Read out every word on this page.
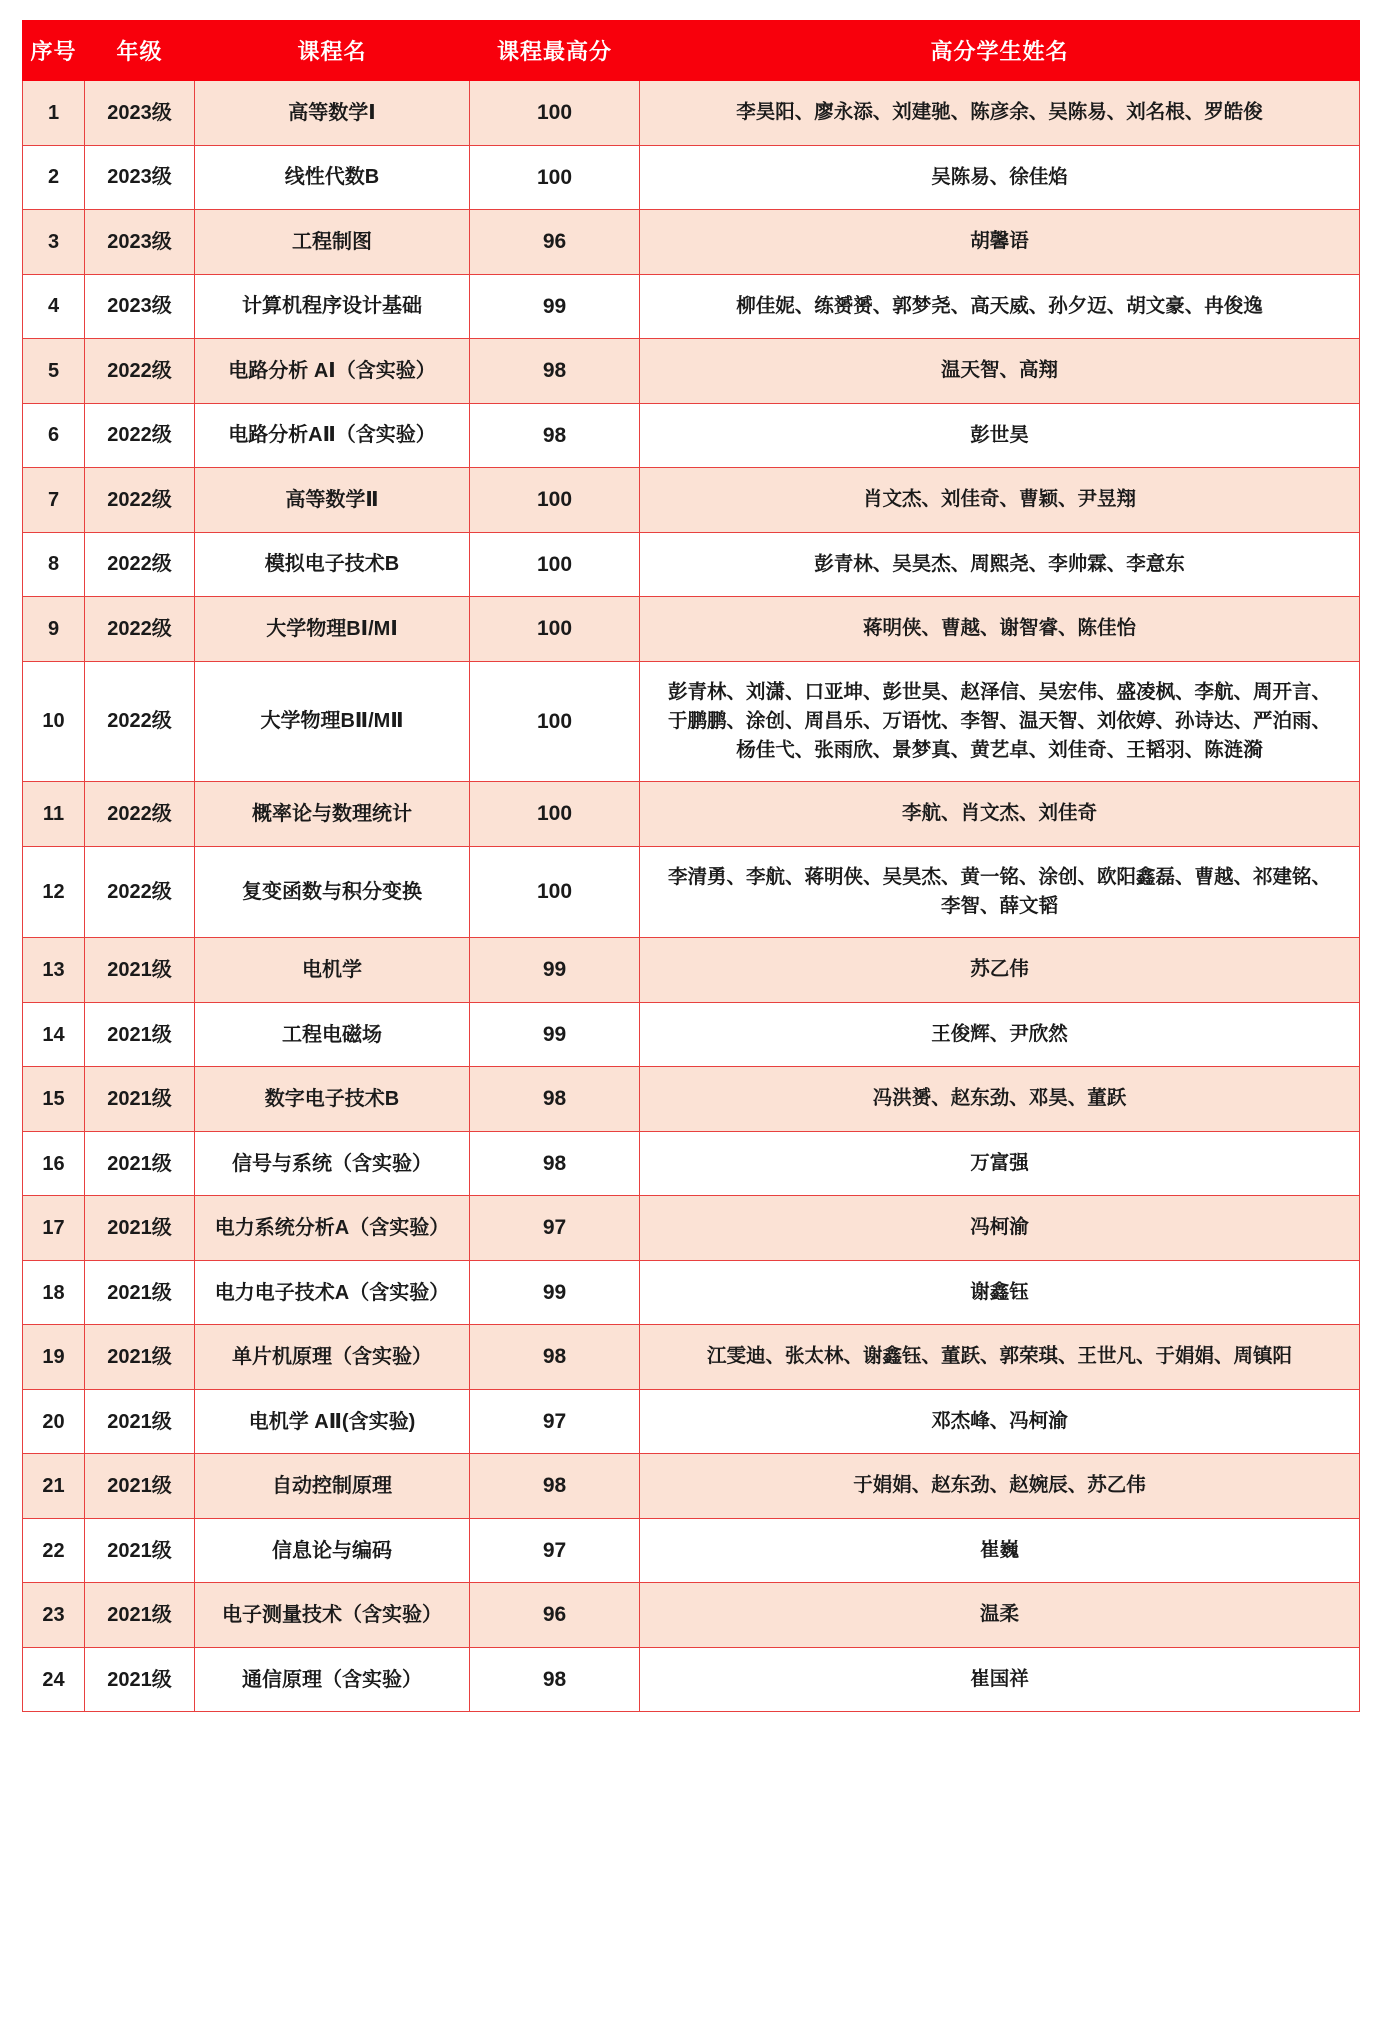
序号	年级	课程名	课程最高分	高分学生姓名
1	2023级	高等数学Ⅰ	100	李昊阳、廖永添、刘建驰、陈彦余、吴陈易、刘名根、罗皓俊
2	2023级	线性代数B	100	吴陈易、徐佳焰
3	2023级	工程制图	96	胡馨语
4	2023级	计算机程序设计基础	99	柳佳妮、练赟赟、郭梦尧、高天威、孙夕迈、胡文豪、冉俊逸
5	2022级	电路分析 AⅠ（含实验）	98	温天智、高翔
6	2022级	电路分析AⅡ（含实验）	98	彭世昊
7	2022级	高等数学Ⅱ	100	肖文杰、刘佳奇、曹颖、尹昱翔
8	2022级	模拟电子技术B	100	彭青林、吴昊杰、周熙尧、李帅霖、李意东
9	2022级	大学物理BⅠ/MⅠ	100	蒋明侠、曹越、谢智睿、陈佳怡
10	2022级	大学物理BⅡ/MⅡ	100	彭青林、刘潇、口亚坤、彭世昊、赵泽信、吴宏伟、盛凌枫、李航、周开言、于鹏鹏、涂创、周昌乐、万语忱、李智、温天智、刘依婷、孙诗达、严泊雨、杨佳弋、张雨欣、景梦真、黄艺卓、刘佳奇、王韬羽、陈涟漪
11	2022级	概率论与数理统计	100	李航、肖文杰、刘佳奇
12	2022级	复变函数与积分变换	100	李清勇、李航、蒋明侠、吴昊杰、黄一铭、涂创、欧阳鑫磊、曹越、祁建铭、李智、薛文韬
13	2021级	电机学	99	苏乙伟
14	2021级	工程电磁场	99	王俊辉、尹欣然
15	2021级	数字电子技术B	98	冯洪赟、赵东劲、邓昊、董跃
16	2021级	信号与系统（含实验）	98	万富强
17	2021级	电力系统分析A（含实验）	97	冯柯渝
18	2021级	电力电子技术A（含实验）	99	谢鑫钰
19	2021级	单片机原理（含实验）	98	江雯迪、张太林、谢鑫钰、董跃、郭荣琪、王世凡、于娟娟、周镇阳
20	2021级	电机学 AⅡ(含实验)	97	邓杰峰、冯柯渝
21	2021级	自动控制原理	98	于娟娟、赵东劲、赵婉辰、苏乙伟
22	2021级	信息论与编码	97	崔巍
23	2021级	电子测量技术（含实验）	96	温柔
24	2021级	通信原理（含实验）	98	崔国祥
